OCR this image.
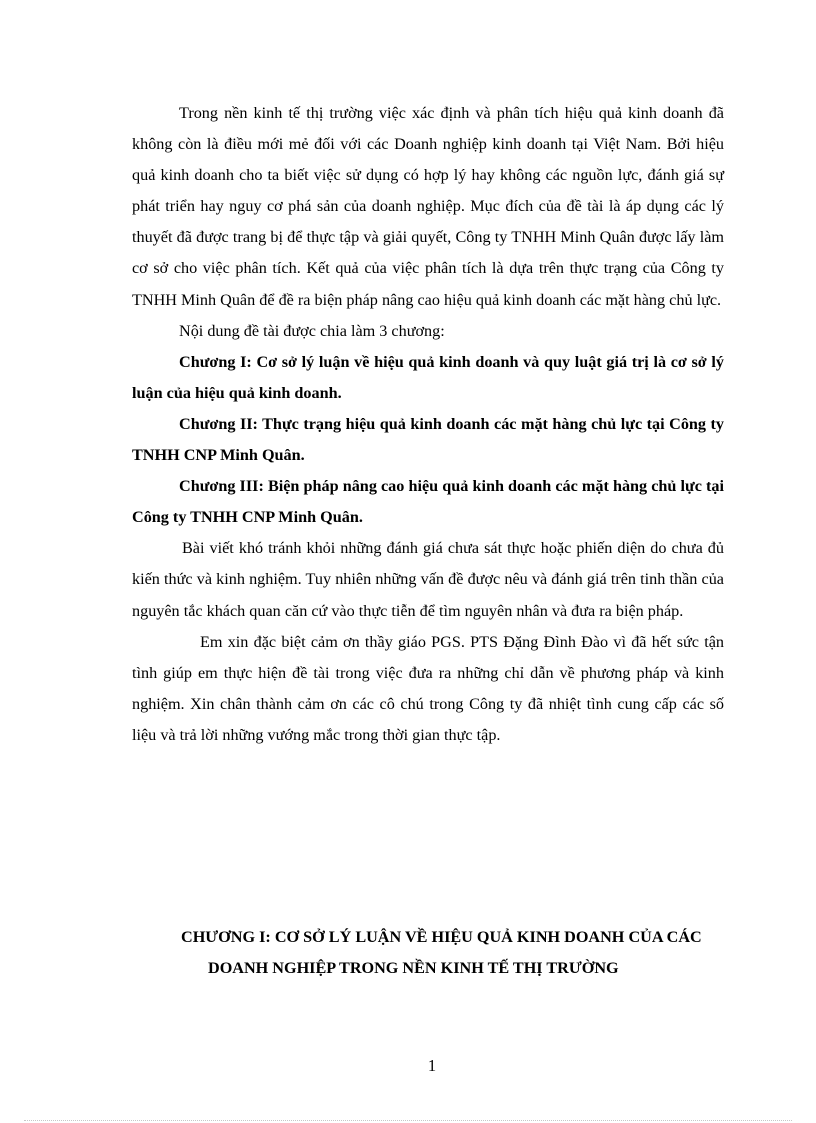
Trong nền kinh tế thị trường việc xác định và phân tích hiệu quả kinh doanh đã không còn là điều mới mẻ đối với các Doanh nghiệp kinh doanh tại Việt Nam. Bởi hiệu quả kinh doanh cho ta biết việc sử dụng có hợp lý hay không các nguồn lực, đánh giá sự phát triển hay nguy cơ phá sản của doanh nghiệp. Mục đích của đề tài là áp dụng các lý thuyết đã được trang bị để thực tập và giải quyết, Công ty TNHH Minh Quân được lấy làm cơ sở cho việc phân tích. Kết quả của việc phân tích là dựa trên thực trạng của Công ty TNHH Minh Quân để đề ra biện pháp nâng cao hiệu quả kinh doanh các mặt hàng chủ lực.

Nội dung đề tài được chia làm 3 chương:

Chương I: Cơ sở lý luận về hiệu quả kinh doanh và quy luật giá trị là cơ sở lý luận của hiệu quả kinh doanh.

Chương II: Thực trạng hiệu quả kinh doanh các mặt hàng chủ lực tại Công ty TNHH CNP Minh Quân.

Chương III: Biện pháp nâng cao hiệu quả kinh doanh các mặt hàng chủ lực tại Công ty TNHH CNP Minh Quân.

Bài viết khó tránh khỏi những đánh giá chưa sát thực hoặc phiến diện do chưa đủ kiến thức và kinh nghiệm. Tuy nhiên những vấn đề được nêu và đánh giá trên tinh thần của nguyên tắc khách quan căn cứ vào thực tiễn để tìm nguyên nhân và đưa ra biện pháp.

Em xin đặc biệt cảm ơn thầy giáo PGS. PTS Đặng Đình Đào vì đã hết sức tận tình giúp em thực hiện đề tài trong việc đưa ra những chỉ dẫn về phương pháp và kinh nghiệm. Xin chân thành cảm ơn các cô chú trong Công ty đã nhiệt tình cung cấp các số liệu và trả lời những vướng mắc trong thời gian thực tập.

CHƯƠNG I: CƠ SỞ LÝ LUẬN VỀ HIỆU QUẢ KINH DOANH CỦA CÁC
DOANH NGHIỆP TRONG NỀN KINH TẾ THỊ TRƯỜNG
1
